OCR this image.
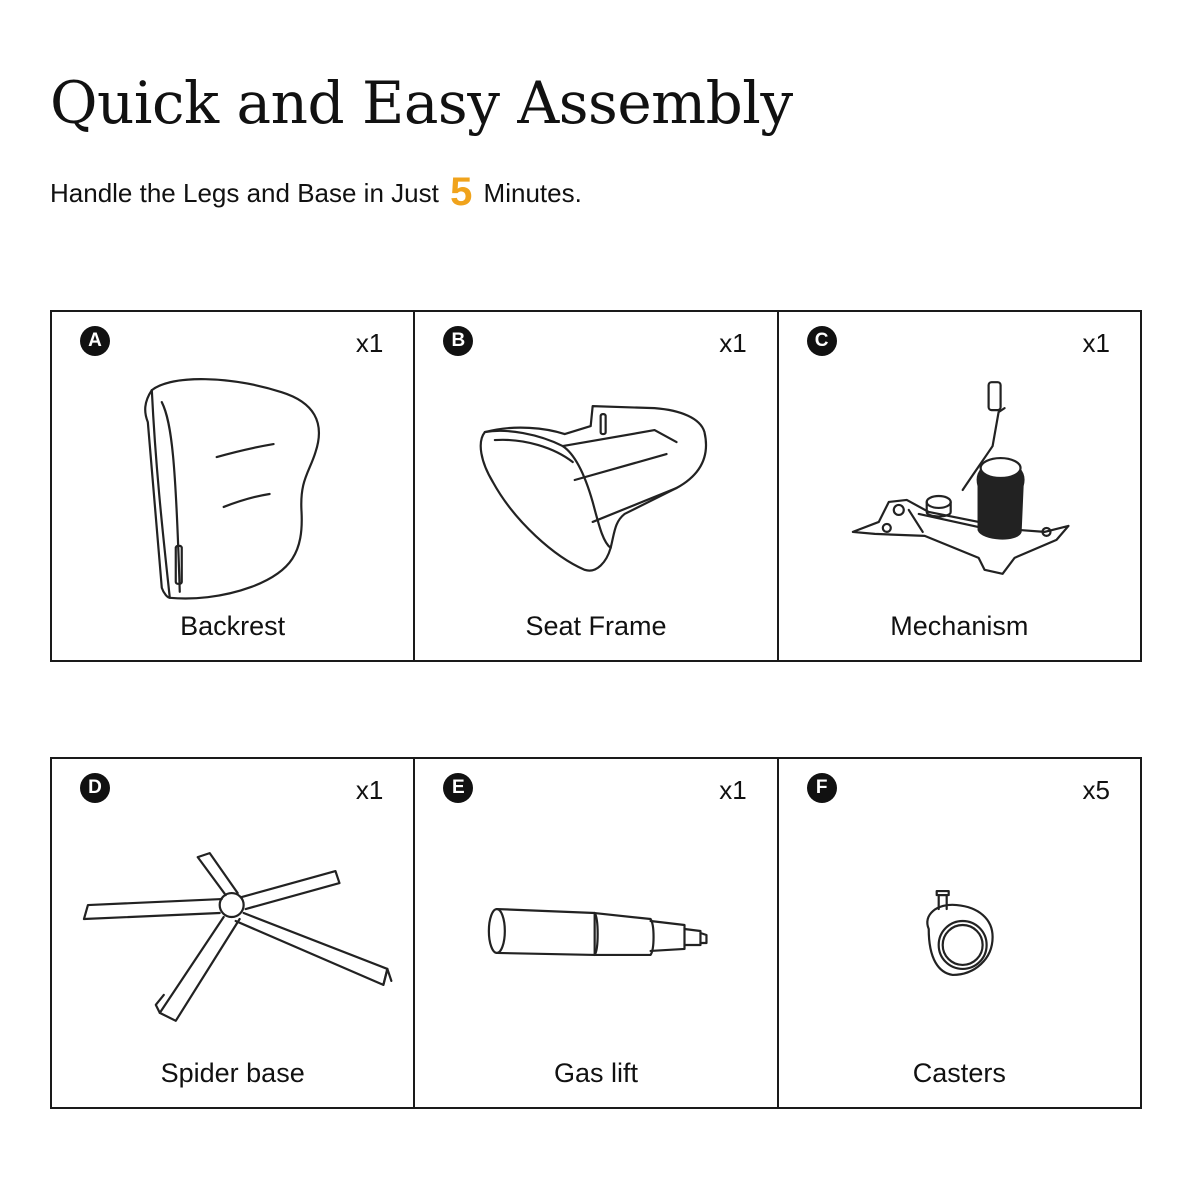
Quick and Easy Assembly
Handle the Legs and Base in Just 5 Minutes.
A	x1
Backrest
B	x1
Seat Frame
C	x1
Mechanism
D	x1
Spider base
E	x1
Gas lift
F	x5
Casters
